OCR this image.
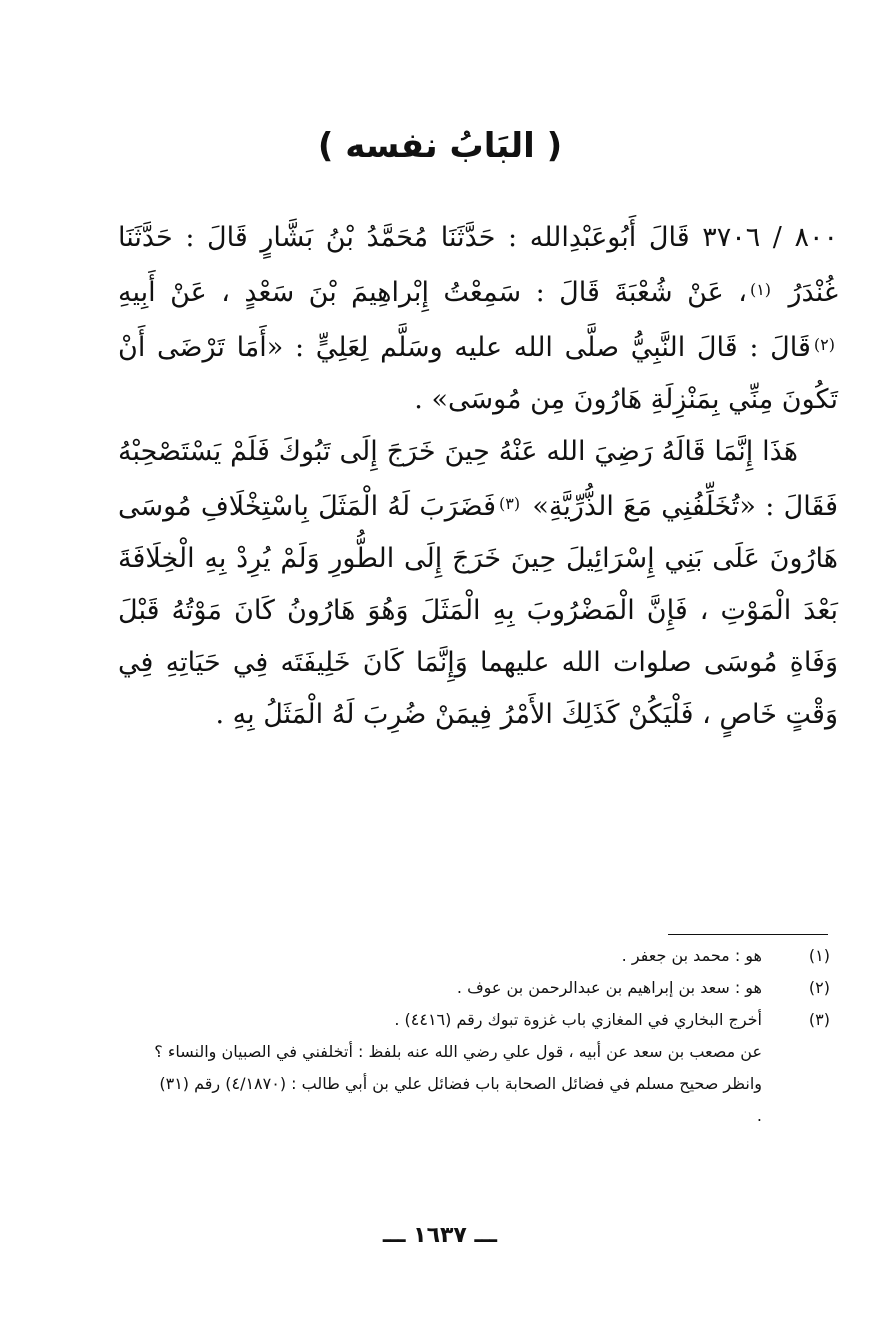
( البَابُ نفسه )

٨٠٠ / ٣٧٠٦ قَالَ أَبُوعَبْدِالله : حَدَّثَنَا مُحَمَّدُ بْنُ بَشَّارٍ قَالَ : حَدَّثَنَا غُنْدَرُ $^{(١)}$، عَنْ شُعْبَةَ قَالَ : سَمِعْتُ إِبْراهِيمَ بْنَ سَعْدٍ ، عَنْ أَبِيهِ $^{(٢)}$قَالَ : قَالَ النَّبِيُّ صلَّى الله عليه وسَلَّم لِعَلِيٍّ : «أَمَا تَرْضَى أَنْ تَكُونَ مِنِّي بِمَنْزِلَةِ هَارُونَ مِن مُوسَى» .

هَذَا إِنَّمَا قَالَهُ رَضِيَ الله عَنْهُ حِينَ خَرَجَ إِلَى تَبُوكَ فَلَمْ يَسْتَصْحِبْهُ فَقَالَ : «تُخَلِّفُنِي مَعَ الذُّرِّيَّةِ» $^{(٣)}$فَضَرَبَ لَهُ الْمَثَلَ بِاسْتِخْلَافِ مُوسَى هَارُونَ عَلَى بَنِي إِسْرَائِيلَ حِينَ خَرَجَ إِلَى الطُّورِ وَلَمْ يُرِدْ بِهِ الْخِلَافَةَ بَعْدَ الْمَوْتِ ، فَإِنَّ الْمَضْرُوبَ بِهِ الْمَثَلَ وَهُوَ هَارُونُ كَانَ مَوْتُهُ قَبْلَ وَفَاةِ مُوسَى صلوات الله عليهما وَإِنَّمَا كَانَ خَلِيفَتَه فِي حَيَاتِهِ فِي وَقْتٍ خَاصٍ ، فَلْيَكُنْ كَذَلِكَ الأَمْرُ فِيمَنْ ضُرِبَ لَهُ الْمَثَلُ بِهِ .

(١)
هو : محمد بن جعفر .
(٢)
هو : سعد بن إبراهيم بن عبدالرحمن بن عوف .
(٣)
أخرج البخاري في المغازي باب غزوة تبوك رقم (٤٤١٦) .
عن مصعب بن سعد عن أبيه ، قول علي رضي الله عنه بلفظ : أتخلفني في الصبيان والنساء ؟
وانظر صحيح مسلم في فضائل الصحابة باب فضائل علي بن أبي طالب : (٤/١٨٧٠) رقم (٣١) .
ـــ ١٦٣٧ ـــ
